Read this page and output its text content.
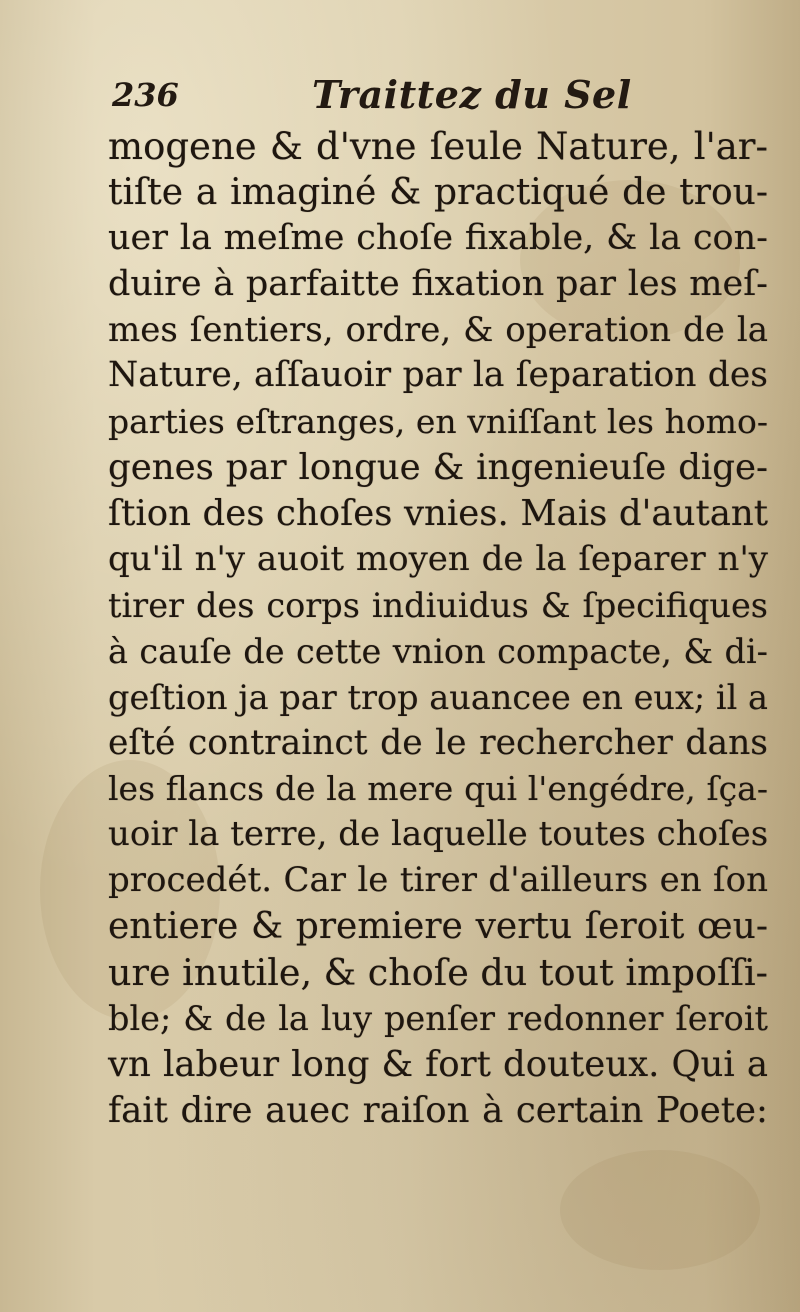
236	Traittez du Sel
mogene & d'vne ſeule Nature, l'ar-
tiſte a imaginé & practiqué de trou-
uer la meſme choſe fixable, & la con-
duire à parfaitte fixation par les meſ-
mes ſentiers, ordre, & operation de la
Nature, aſſauoir par la ſeparation des
parties eſtranges, en vniſſant les homo-
genes par longue & ingenieuſe dige-
ſtion des choſes vnies. Mais d'autant
qu'il n'y auoit moyen de la ſeparer n'y
tirer des corps indiuidus & ſpecifiques
à cauſe de cette vnion compacte, & di-
geſtion ja par trop auancee en eux; il a
eſté contrainct de le rechercher dans
les flancs de la mere qui l'engédre, ſça-
uoir la terre, de laquelle toutes choſes
procedét. Car le tirer d'ailleurs en ſon
entiere & premiere vertu ſeroit œu-
ure inutile, & choſe du tout impoſſi-
ble; & de la luy penſer redonner ſeroit
vn labeur long & fort douteux. Qui a
fait dire auec raiſon à certain Poete:
